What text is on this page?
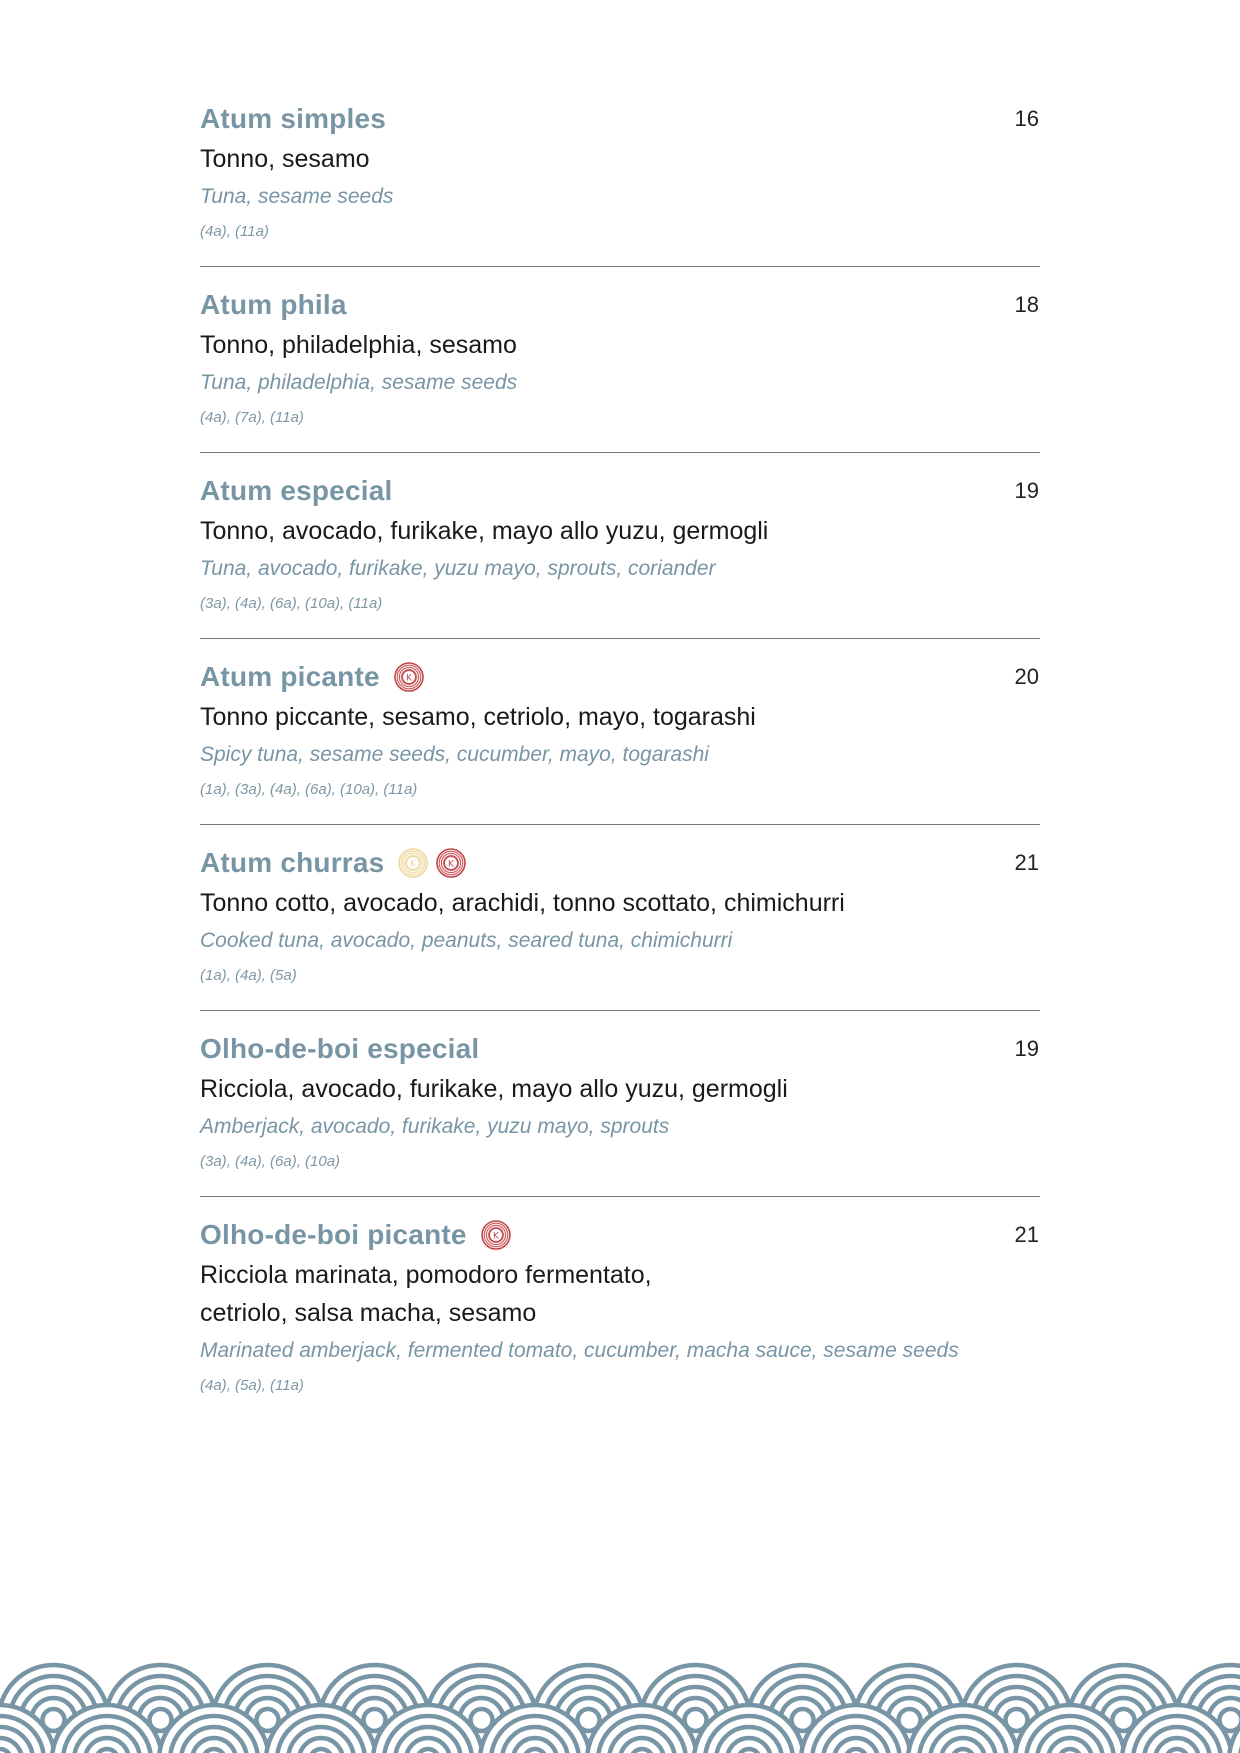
Atum simples	16
Tonno, sesamo
Tuna, sesame seeds
(4a), (11a)
Atum phila	18
Tonno, philadelphia, sesamo
Tuna, philadelphia, sesame seeds
(4a), (7a), (11a)
Atum especial	19
Tonno, avocado, furikake, mayo allo yuzu, germogli
Tuna, avocado, furikake, yuzu mayo, sprouts, coriander
(3a), (4a), (6a), (10a), (11a)
Atum picante	K	20
Tonno piccante, sesamo, cetriolo, mayo, togarashi
Spicy tuna, sesame seeds, cucumber, mayo, togarashi
(1a), (3a), (4a), (6a), (10a), (11a)
Atum churras	K	K	21
Tonno cotto, avocado, arachidi, tonno scottato, chimichurri
Cooked tuna, avocado, peanuts, seared tuna, chimichurri
(1a), (4a), (5a)
Olho-de-boi especial	19
Ricciola, avocado, furikake, mayo allo yuzu, germogli
Amberjack, avocado, furikake, yuzu mayo, sprouts
(3a), (4a), (6a), (10a)
Olho-de-boi picante	K	21
Ricciola marinata, pomodoro fermentato,
cetriolo, salsa macha, sesamo
Marinated amberjack, fermented tomato, cucumber, macha sauce, sesame seeds
(4a), (5a), (11a)
